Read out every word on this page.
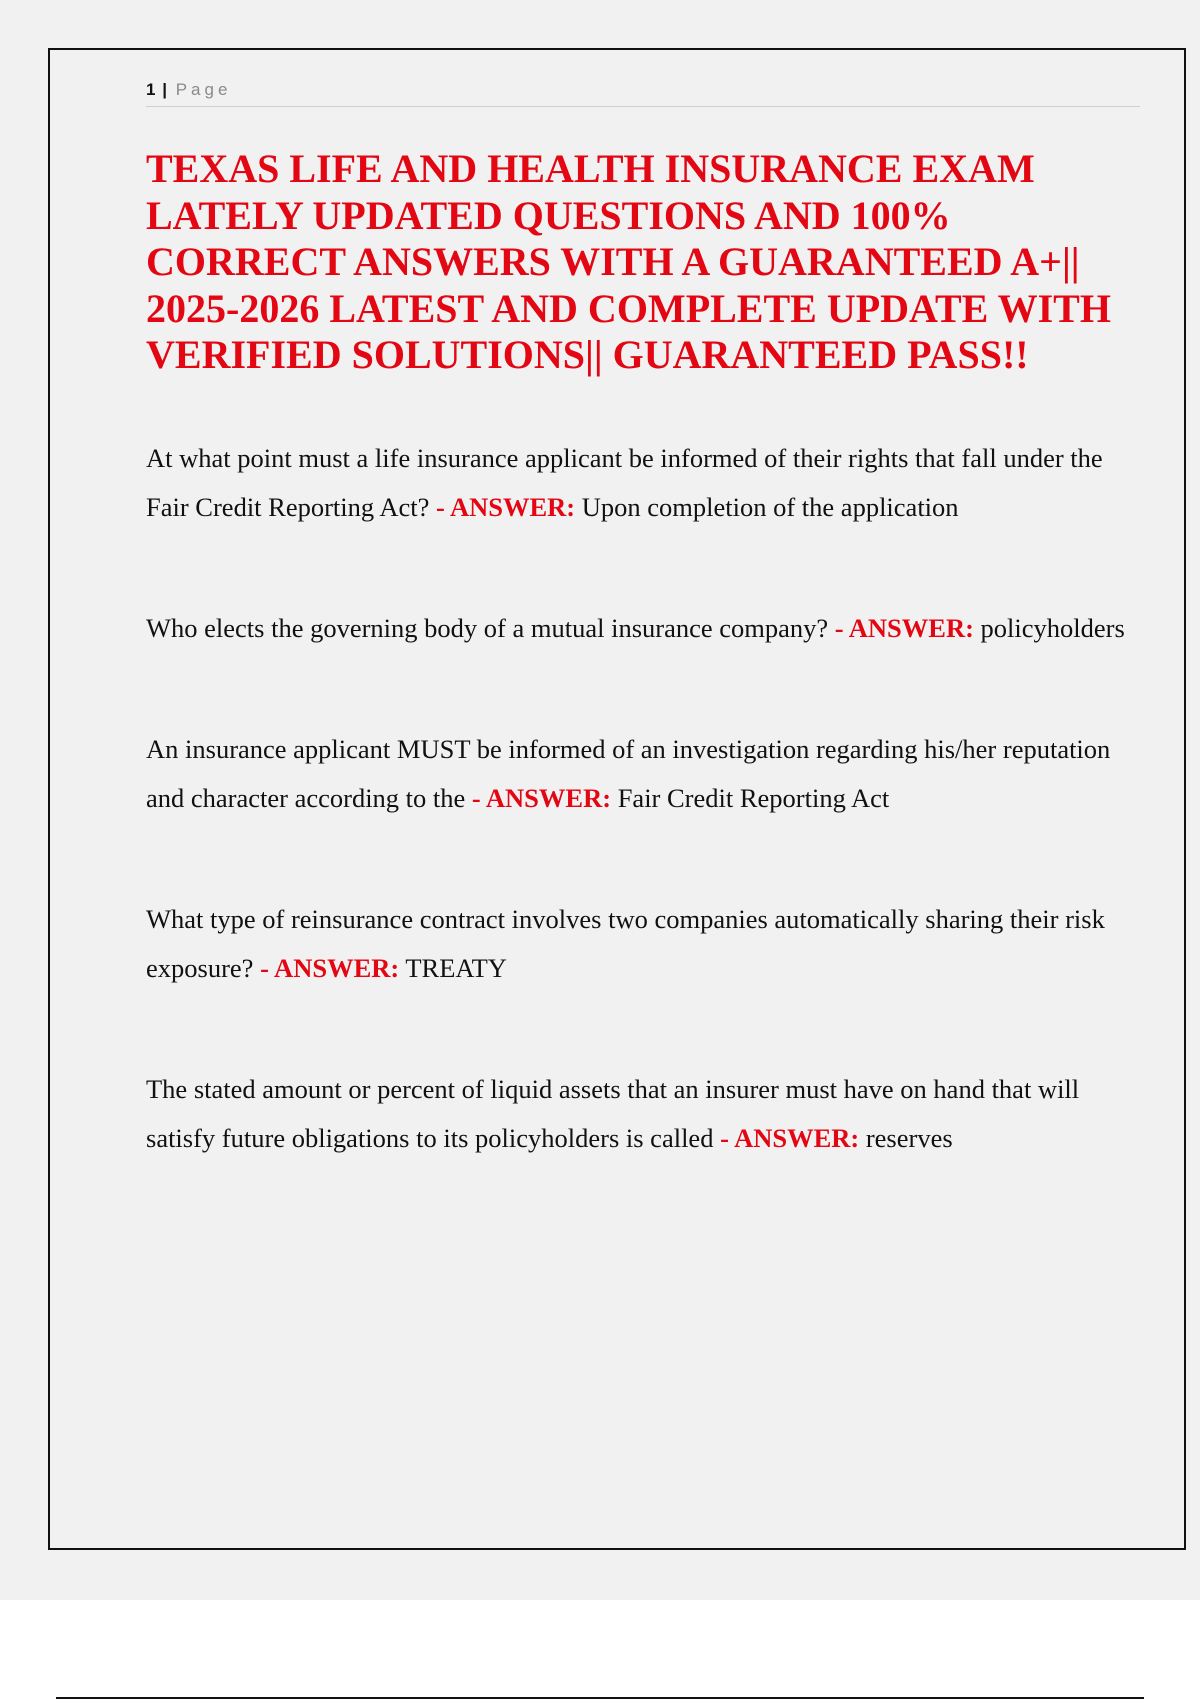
1 | Page
TEXAS LIFE AND HEALTH INSURANCE EXAM LATELY UPDATED QUESTIONS AND 100% CORRECT ANSWERS WITH A GUARANTEED A+|| 2025-2026 LATEST AND COMPLETE UPDATE WITH VERIFIED SOLUTIONS|| GUARANTEED PASS!!

At what point must a life insurance applicant be informed of their rights that fall under the Fair Credit Reporting Act? - ANSWER: Upon completion of the application

Who elects the governing body of a mutual insurance company? - ANSWER: policyholders

An insurance applicant MUST be informed of an investigation regarding his/her reputation and character according to the - ANSWER: Fair Credit Reporting Act

What type of reinsurance contract involves two companies automatically sharing their risk exposure? - ANSWER: TREATY

The stated amount or percent of liquid assets that an insurer must have on hand that will satisfy future obligations to its policyholders is called - ANSWER: reserves
